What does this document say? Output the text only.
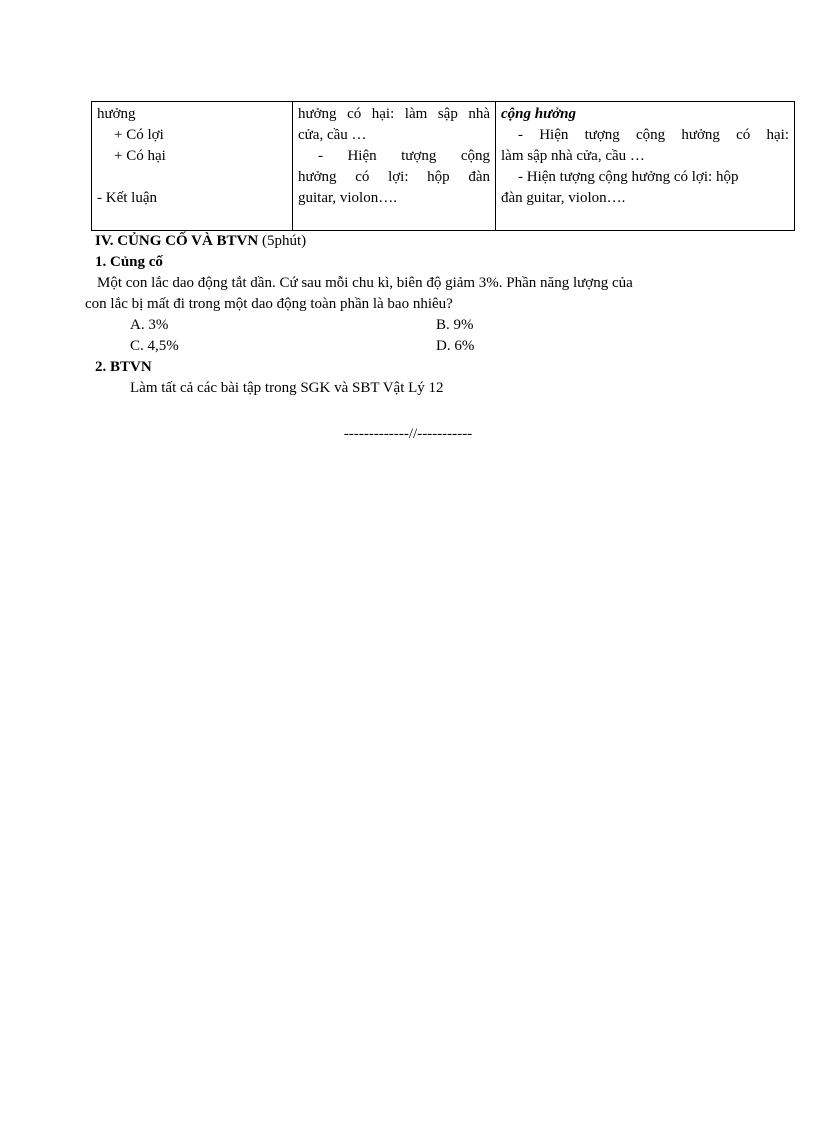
hưởng
+ Có lợi
+ Có hại
- Kết luận

hưởng có hại: làm sập nhà
cửa, cầu …
- Hiện tượng cộng
hưởng có lợi: hộp đàn
guitar, violon….

cộng hưởng
- Hiện tượng cộng hưởng có hại:
làm sập nhà cửa, cầu …
- Hiện tượng cộng hưởng có lợi: hộp
đàn guitar, violon….
IV. CỦNG CỐ VÀ BTVN (5phút)
1. Củng cố
Một con lắc dao động tắt dần. Cứ sau mỗi chu kì, biên độ giảm 3%. Phần năng lượng của
con lắc bị mất đi trong một dao động toàn phần là bao nhiêu?
A. 3%	B. 9%
C. 4,5%	D. 6%
2. BTVN
Làm tất cả các bài tập trong SGK và SBT Vật Lý 12
-------------//-----------
